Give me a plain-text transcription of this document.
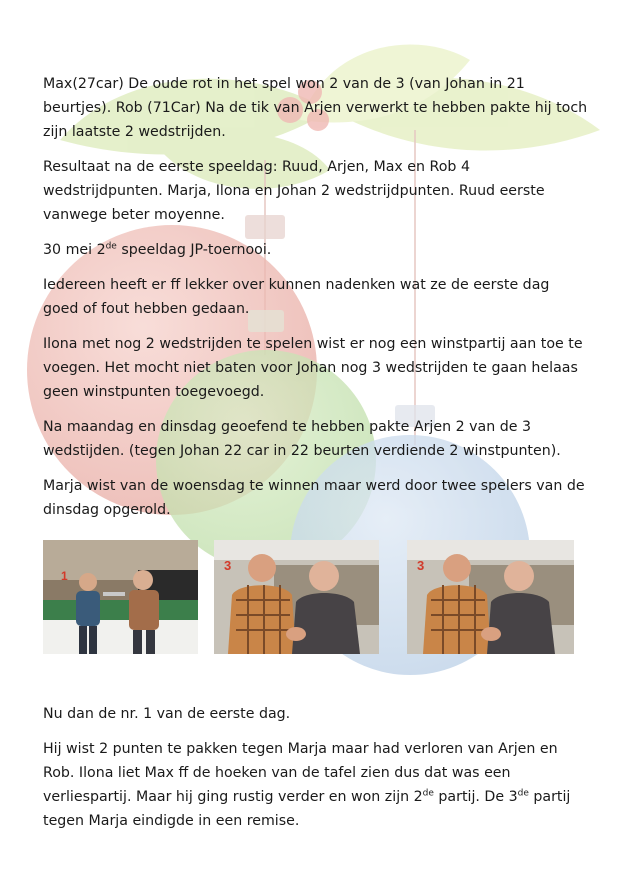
Max(27car) De oude rot in het spel won 2 van de 3 (van Johan in 21 beurtjes). Rob (71Car) Na de tik van Arjen verwerkt te hebben pakte hij toch zijn laatste 2 wedstrijden.

Resultaat na de eerste speeldag: Ruud, Arjen, Max en Rob 4 wedstrijdpunten. Marja, Ilona en Johan 2 wedstrijdpunten. Ruud eerste vanwege beter moyenne.

30 mei 2de speeldag JP-toernooi.

Iedereen heeft er ff lekker over kunnen nadenken wat ze de eerste dag goed of fout hebben gedaan.

Ilona met nog 2 wedstrijden te spelen wist er nog een winstpartij aan toe te voegen. Het mocht niet baten voor Johan nog 3 wedstrijden te gaan helaas geen winstpunten toegevoegd.

Na maandag en dinsdag geoefend te hebben pakte Arjen 2 van de 3 wedstijden. (tegen Johan 22 car in 22 beurten verdiende 2 winstpunten).

Marja wist van de woensdag te winnen maar werd door twee spelers van de dinsdag opgerold.

1
3	3

Nu dan de nr. 1 van de eerste dag.

Hij wist 2 punten te pakken tegen Marja maar had verloren van Arjen en Rob. Ilona liet Max ff de hoeken van de tafel zien dus dat was een verliespartij. Maar hij ging rustig verder en won zijn 2de partij. De 3de partij tegen Marja eindigde in een remise.
